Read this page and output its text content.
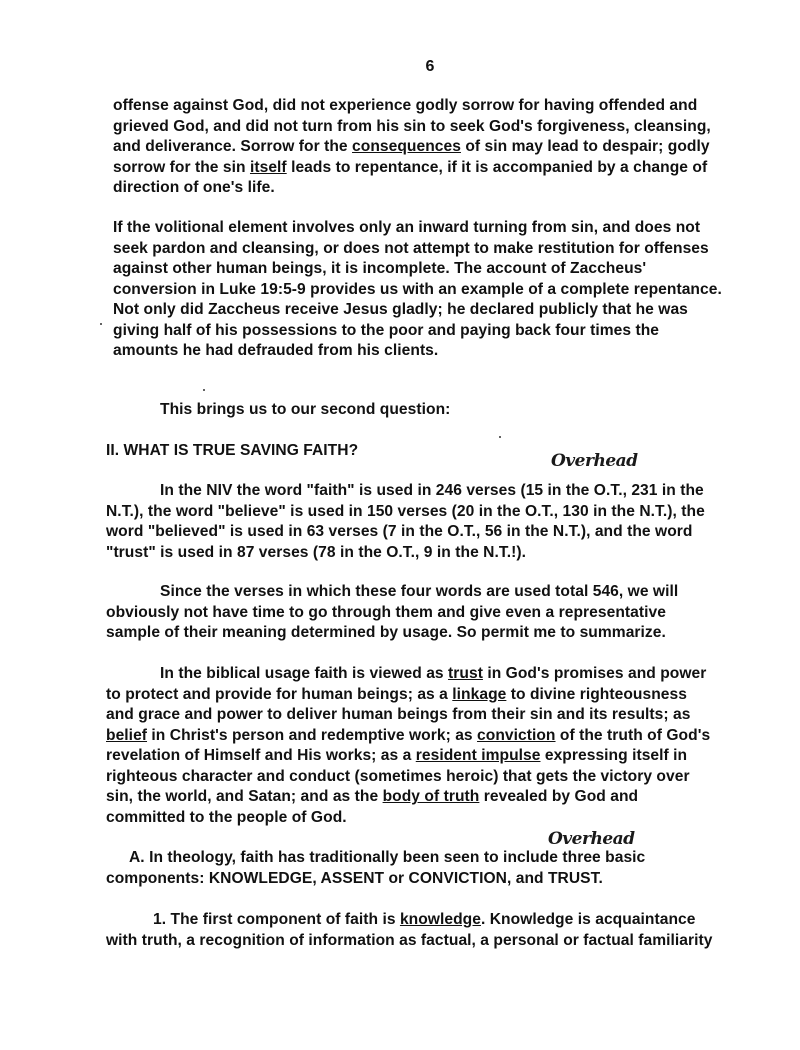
6
offense against God, did not experience godly sorrow for having offended and
grieved God, and did not turn from his sin to seek God's forgiveness, cleansing,
and deliverance. Sorrow for the consequences of sin may lead to despair; godly
sorrow for the sin itself leads to repentance, if it is accompanied by a change of
direction of one's life.
If the volitional element involves only an inward turning from sin, and does not
seek pardon and cleansing, or does not attempt to make restitution for offenses
against other human beings, it is incomplete. The account of Zaccheus'
conversion in Luke 19:5-9 provides us with an example of a complete repentance.
Not only did Zaccheus receive Jesus gladly; he declared publicly that he was
giving half of his possessions to the poor and paying back four times the
amounts he had defrauded from his clients.
This brings us to our second question:
II. WHAT IS TRUE SAVING FAITH?
Overhead
In the NIV the word "faith" is used in 246 verses (15 in the O.T., 231 in the
N.T.), the word "believe" is used in 150 verses (20 in the O.T., 130 in the N.T.), the
word "believed" is used in 63 verses (7 in the O.T., 56 in the N.T.), and the word
"trust" is used in 87 verses (78 in the O.T., 9 in the N.T.!).
Since the verses in which these four words are used total 546, we will
obviously not have time to go through them and give even a representative
sample of their meaning determined by usage. So permit me to summarize.
In the biblical usage faith is viewed as trust in God's promises and power
to protect and provide for human beings; as a linkage to divine righteousness
and grace and power to deliver human beings from their sin and its results; as
belief in Christ's person and redemptive work; as conviction of the truth of God's
revelation of Himself and His works; as a resident impulse expressing itself in
righteous character and conduct (sometimes heroic) that gets the victory over
sin, the world, and Satan; and as the body of truth revealed by God and
committed to the people of God.
Overhead
A. In theology, faith has traditionally been seen to include three basic
components: KNOWLEDGE, ASSENT or CONVICTION, and TRUST.
1. The first component of faith is knowledge. Knowledge is acquaintance
with truth, a recognition of information as factual, a personal or factual familiarity
